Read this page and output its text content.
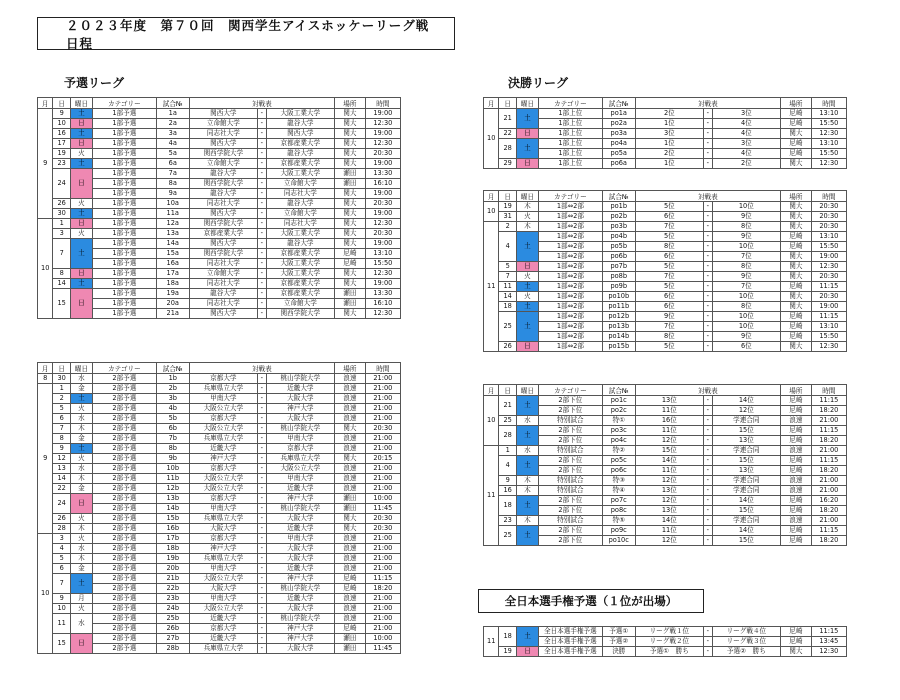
２０２３年度　第７０回　関西学生アイスホッケーリーグ戦　日程
予選リーグ	決勝リーグ
全日本選手権予選（１位が出場）
月	日	曜日	カテゴリー	試合№	対戦表			場所	時間
9	9	土	1部予選	1a	関西大学	-	大阪工業大学	関大	19:00
	10	日	1部予選	2a	立命館大学	-	龍谷大学	関大	12:30
	16	土	1部予選	3a	同志社大学	-	関西大学	関大	19:00
	17	日	1部予選	4a	関西大学	-	京都産業大学	関大	12:30
	19	火	1部予選	5a	関西学院大学	-	龍谷大学	関大	20:30
	23	土	1部予選	6a	立命館大学	-	京都産業大学	関大	19:00
	24	日	1部予選	7a	龍谷大学	-	大阪工業大学	瀬田	13:30
			1部予選	8a	関西学院大学	-	立命館大学	瀬田	16:10
			1部予選	9a	龍谷大学	-	同志社大学	関大	19:00
	26	火	1部予選	10a	同志社大学	-	龍谷大学	関大	20:30
	30	土	1部予選	11a	関西大学	-	立命館大学	関大	19:00
10	1	日	1部予選	12a	関西学院大学	-	同志社大学	関大	12:30
	3	火	1部予選	13a	京都産業大学	-	大阪工業大学	関大	20:30
	7	土	1部予選	14a	関西大学	-	龍谷大学	関大	19:00
			1部予選	15a	関西学院大学	-	京都産業大学	尼崎	13:10
			1部予選	16a	同志社大学	-	大阪工業大学	尼崎	15:50
	8	日	1部予選	17a	立命館大学	-	大阪工業大学	関大	12:30
	14	土	1部予選	18a	同志社大学	-	京都産業大学	関大	19:00
	15	日	1部予選	19a	龍谷大学	-	京都産業大学	瀬田	13:30
			1部予選	20a	同志社大学	-	立命館大学	瀬田	16:10
			1部予選	21a	関西大学	-	関西学院大学	関大	12:30
月	日	曜日	カテゴリー	試合№	対戦表			場所	時間
8	30	水	2部予選	1b	京都大学	-	桃山学院大学	浪速	21:00
9	1	金	2部予選	2b	兵庫県立大学	-	近畿大学	浪速	21:00
	2	土	2部予選	3b	甲南大学	-	大阪大学	浪速	21:00
	5	火	2部予選	4b	大阪公立大学	-	神戸大学	浪速	21:00
	6	水	2部予選	5b	京都大学	-	大阪大学	浪速	21:00
	7	木	2部予選	6b	大阪公立大学	-	桃山学院大学	関大	20:30
	8	金	2部予選	7b	兵庫県立大学	-	甲南大学	浪速	21:00
	9	土	2部予選	8b	近畿大学	-	京都大学	浪速	21:00
	12	火	2部予選	9b	神戸大学	-	兵庫県立大学	関大	20:15
	13	水	2部予選	10b	京都大学	-	大阪公立大学	浪速	21:00
	14	木	2部予選	11b	大阪公立大学	-	甲南大学	浪速	21:00
	22	金	2部予選	12b	大阪公立大学	-	近畿大学	浪速	21:00
	24	日	2部予選	13b	京都大学	-	神戸大学	瀬田	10:00
			2部予選	14b	甲南大学	-	桃山学院大学	瀬田	11:45
	26	火	2部予選	15b	兵庫県立大学	-	大阪大学	関大	20:30
	28	木	2部予選	16b	大阪大学	-	近畿大学	関大	20:30
10	3	火	2部予選	17b	京都大学	-	甲南大学	浪速	21:00
	4	水	2部予選	18b	神戸大学	-	大阪大学	浪速	21:00
	5	木	2部予選	19b	兵庫県立大学	-	大阪大学	浪速	21:00
	6	金	2部予選	20b	甲南大学	-	近畿大学	浪速	21:00
	7	土	2部予選	21b	大阪公立大学	-	神戸大学	尼崎	11:15
			2部予選	22b	大阪大学	-	桃山学院大学	尼崎	18:20
	9	月	2部予選	23b	甲南大学	-	近畿大学	浪速	21:00
	10	火	2部予選	24b	大阪公立大学	-	大阪大学	浪速	21:00
	11	水	2部予選	25b	近畿大学	-	桃山学院大学	浪速	21:00
			2部予選	26b	京都大学	-	神戸大学	尼崎	21:00
	15	日	2部予選	27b	近畿大学	-	神戸大学	瀬田	10:00
			2部予選	28b	兵庫県立大学	-	大阪大学	瀬田	11:45
月	日	曜日	カテゴリー	試合№	対戦表			場所	時間
10	21	土	1部上位	po1a	2位	-	3位	尼崎	13:10
			1部上位	po2a	1位	-	4位	尼崎	15:50
	22	日	1部上位	po3a	3位	-	4位	関大	12:30
	28	土	1部上位	po4a	1位	-	3位	尼崎	13:10
			1部上位	po5a	2位	-	4位	尼崎	15:50
	29	日	1部上位	po6a	1位	-	2位	関大	12:30
月	日	曜日	カテゴリー	試合№	対戦表			場所	時間
10	19	木	1部⇔2部	po1b	5位	-	10位	関大	20:30
	31	火	1部⇔2部	po2b	6位	-	9位	関大	20:30
11	2	木	1部⇔2部	po3b	7位	-	8位	関大	20:30
	4	土	1部⇔2部	po4b	5位	-	9位	尼崎	13:10
			1部⇔2部	po5b	8位	-	10位	尼崎	15:50
			1部⇔2部	po6b	6位	-	7位	関大	19:00
	5	日	1部⇔2部	po7b	5位	-	8位	関大	12:30
	7	火	1部⇔2部	po8b	7位	-	9位	関大	20:30
	11	土	1部⇔2部	po9b	5位	-	7位	尼崎	11:15
	14	火	1部⇔2部	po10b	6位	-	10位	関大	20:30
	18	土	1部⇔2部	po11b	6位	-	8位	関大	19:00
	25	土	1部⇔2部	po12b	9位	-	10位	尼崎	11:15
			1部⇔2部	po13b	7位	-	10位	尼崎	13:10
			1部⇔2部	po14b	8位	-	9位	尼崎	15:50
	26	日	1部⇔2部	po15b	5位	-	6位	関大	12:30
月	日	曜日	カテゴリー	試合№	対戦表			場所	時間
10	21	土	2部下位	po1c	13位	-	14位	尼崎	11:15
			2部下位	po2c	11位	-	12位	尼崎	18:20
	25	水	特別試合	特①	16位	-	学連合同	浪速	21:00
	28	土	2部下位	po3c	11位	-	15位	尼崎	11:15
			2部下位	po4c	12位	-	13位	尼崎	18:20
11	1	水	特別試合	特②	15位	-	学連合同	浪速	21:00
	4	土	2部下位	po5c	14位	-	15位	尼崎	11:15
			2部下位	po6c	11位	-	13位	尼崎	18:20
	9	木	特別試合	特③	12位	-	学連合同	浪速	21:00
	16	木	特別試合	特④	13位	-	学連合同	浪速	21:00
	18	土	2部下位	po7c	12位	-	14位	尼崎	16:20
			2部下位	po8c	13位	-	15位	尼崎	18:20
	23	木	特別試合	特⑤	14位	-	学連合同	浪速	21:00
	25	土	2部下位	po9c	11位	-	14位	尼崎	11:15
			2部下位	po10c	12位	-	15位	尼崎	18:20
11	18	土	全日本選手権予選	予選①	リーグ戦１位	-	リーグ戦４位	尼崎	11:15
			全日本選手権予選	予選②	リーグ戦２位	-	リーグ戦３位	尼崎	13:45
	19	日	全日本選手権予選	決勝	予選①　勝ち	-	予選②　勝ち	関大	12:30
